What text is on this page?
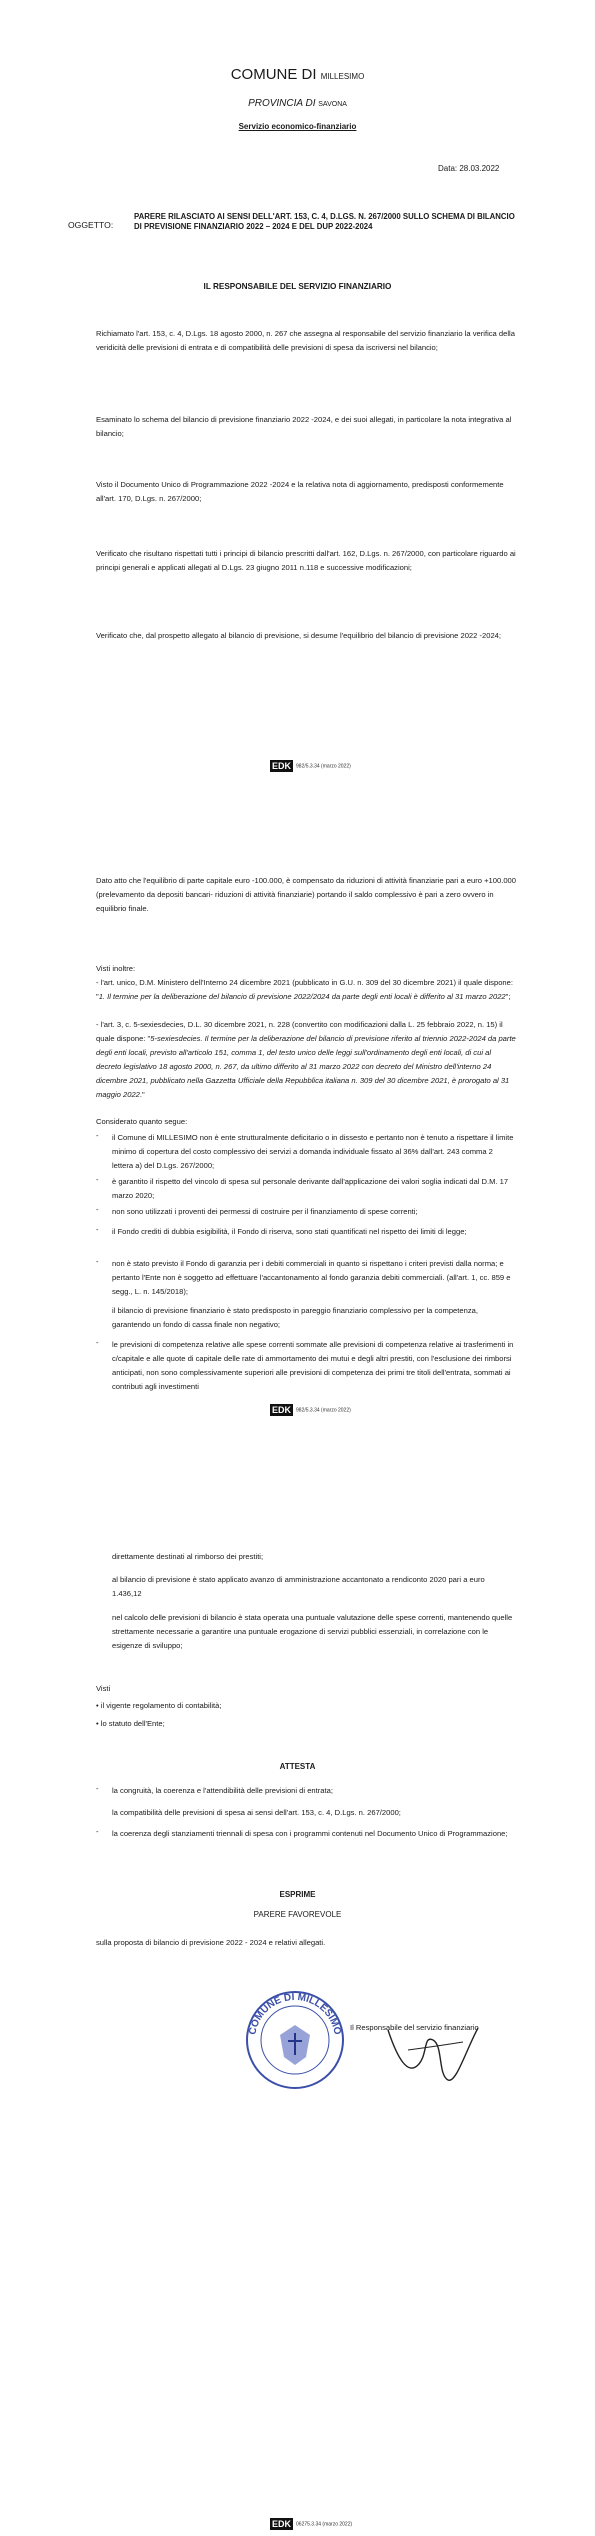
COMUNE DI MILLESIMO
PROVINCIA DI SAVONA
Servizio economico-finanziario
Data: 28.03.2022
OGGETTO:
PARERE RILASCIATO AI SENSI DELL'ART. 153, C. 4, D.LGS. N. 267/2000 SULLO SCHEMA DI BILANCIO DI PREVISIONE FINANZIARIO 2022 – 2024 E DEL DUP 2022-2024
IL RESPONSABILE DEL SERVIZIO FINANZIARIO
Richiamato l'art. 153, c. 4, D.Lgs. 18 agosto 2000, n. 267 che assegna al responsabile del servizio finanziario la verifica della veridicità delle previsioni di entrata e di compatibilità delle previsioni di spesa da iscriversi nel bilancio;
Esaminato lo schema del bilancio di previsione finanziario 2022 -2024, e dei suoi allegati, in particolare la nota integrativa al bilancio;
Visto il Documento Unico di Programmazione 2022 -2024 e la relativa nota di aggiornamento, predisposti conformemente all'art. 170, D.Lgs. n. 267/2000;
Verificato che risultano rispettati tutti i principi di bilancio prescritti dall'art. 162, D.Lgs. n. 267/2000, con particolare riguardo ai principi generali e applicati allegati al D.Lgs. 23 giugno 2011 n.118 e successive modificazioni;
Verificato che, dal prospetto allegato al bilancio di previsione, si desume l'equilibrio del bilancio di previsione 2022 -2024;
EDK 982/5.3.34 (marzo 2022)
Dato atto che l'equilibrio di parte capitale euro -100.000, è compensato da riduzioni di attività finanziarie pari a euro +100.000 (prelevamento da depositi bancari- riduzioni di attività finanziarie) portando il saldo complessivo è pari a zero ovvero in equilibrio finale.
Visti inoltre:
- l'art. unico, D.M. Ministero dell'Interno 24 dicembre 2021 (pubblicato in G.U. n. 309 del 30 dicembre 2021) il quale dispone: "1. Il termine per la deliberazione del bilancio di previsione 2022/2024 da parte degli enti locali è differito al 31 marzo 2022";
- l'art. 3, c. 5-sexiesdecies, D.L. 30 dicembre 2021, n. 228 (convertito con modificazioni dalla L. 25 febbraio 2022, n. 15) il quale dispone: "5-sexiesdecies. Il termine per la deliberazione del bilancio di previsione riferito al triennio 2022-2024 da parte degli enti locali, previsto all'articolo 151, comma 1, del testo unico delle leggi sull'ordinamento degli enti locali, di cui al decreto legislativo 18 agosto 2000, n. 267, da ultimo differito al 31 marzo 2022 con decreto del Ministro dell'interno 24 dicembre 2021, pubblicato nella Gazzetta Ufficiale della Repubblica italiana n. 309 del 30 dicembre 2021, è prorogato al 31 maggio 2022."
Considerato quanto segue:
- il Comune di MILLESIMO non è ente strutturalmente deficitario o in dissesto e pertanto non è tenuto a rispettare il limite minimo di copertura del costo complessivo dei servizi a domanda individuale fissato al 36% dall'art. 243 comma 2 lettera a) del D.Lgs. 267/2000;
- è garantito il rispetto del vincolo di spesa sul personale derivante dall'applicazione dei valori soglia indicati dal D.M. 17 marzo 2020;
- non sono utilizzati i proventi dei permessi di costruire per il finanziamento di spese correnti;
- il Fondo crediti di dubbia esigibilità, il Fondo di riserva, sono stati quantificati nel rispetto dei limiti di legge;
- non è stato previsto il Fondo di garanzia per i debiti commerciali in quanto si rispettano i criteri previsti dalla norma; e pertanto l'Ente non è soggetto ad effettuare l'accantonamento al fondo garanzia debiti commerciali. (all'art. 1, cc. 859 e segg., L. n. 145/2018);
il bilancio di previsione finanziario è stato predisposto in pareggio finanziario complessivo per la competenza, garantendo un fondo di cassa finale non negativo;
- le previsioni di competenza relative alle spese correnti sommate alle previsioni di competenza relative ai trasferimenti in c/capitale e alle quote di capitale delle rate di ammortamento dei mutui e degli altri prestiti, con l'esclusione dei rimborsi anticipati, non sono complessivamente superiori alle previsioni di competenza dei primi tre titoli dell'entrata, sommati ai contributi agli investimenti
EDK 982/5.3.34 (marzo 2022)
direttamente destinati al rimborso dei prestiti;
al bilancio di previsione è stato applicato avanzo di amministrazione accantonato a rendiconto 2020 pari a euro 1.436,12
nel calcolo delle previsioni di bilancio è stata operata una puntuale valutazione delle spese correnti, mantenendo quelle strettamente necessarie a garantire una puntuale erogazione di servizi pubblici essenziali, in correlazione con le esigenze di sviluppo;
Visti
• il vigente regolamento di contabilità;
• lo statuto dell'Ente;
ATTESTA
- la congruità, la coerenza e l'attendibilità delle previsioni di entrata;
la compatibilità delle previsioni di spesa ai sensi dell'art. 153, c. 4, D.Lgs. n. 267/2000;
- la coerenza degli stanziamenti triennali di spesa con i programmi contenuti nel Documento Unico di Programmazione;
ESPRIME
PARERE FAVOREVOLE
sulla proposta di bilancio di previsione 2022 - 2024 e relativi allegati.
COMUNE DI MILLESIMO Il Responsabile del servizio finanziario
EDK 06275.3.34 (marzo 2022)
